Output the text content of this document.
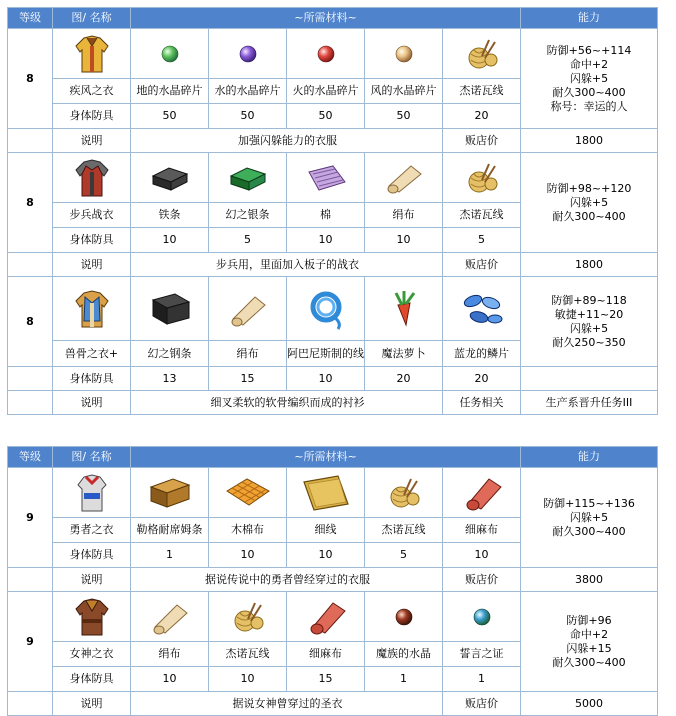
等级	图/ 名称	~所需材料~					能力
8							防御+56~+114
命中+2
闪躲+5
耐久300~400
称号：幸运的人

	疾风之衣	地的水晶碎片	水的水晶碎片	火的水晶碎片	风的水晶碎片	杰诺瓦线	
	身体防具	50	50	50	50	20	
	说明	加强闪躲能力的衣服				贩店价	1800
8							防御+98~+120
闪躲+5
耐久300~400

	步兵战衣	铁条	幻之银条	棉	绢布	杰诺瓦线	
	身体防具	10	5	10	10	5	
	说明	步兵用，里面加入板子的战衣				贩店价	1800
8							防御+89~118
敏捷+11~20
闪躲+5
耐久250~350

	兽骨之衣+	幻之钢条	绢布	阿巴尼斯制的线	魔法萝卜	蓝龙的鳞片	
	身体防具	13	15	10	20	20	
	说明	细叉柔软的软骨编织而成的衬衫				任务相关	生产系晋升任务III
等级	图/ 名称	~所需材料~					能力
9							防御+115~+136
闪躲+5
耐久300~400

	勇者之衣	勒格耐席姆条	木棉布	细线	杰诺瓦线	细麻布	
	身体防具	1	10	10	5	10	
	说明	据说传说中的勇者曾经穿过的衣服				贩店价	3800
9							防御+96
命中+2
闪躲+15
耐久300~400

	女神之衣	绢布	杰诺瓦线	细麻布	魔族的水晶	誓言之证	
	身体防具	10	10	15	1	1	
	说明	据说女神曾穿过的圣衣				贩店价	5000
